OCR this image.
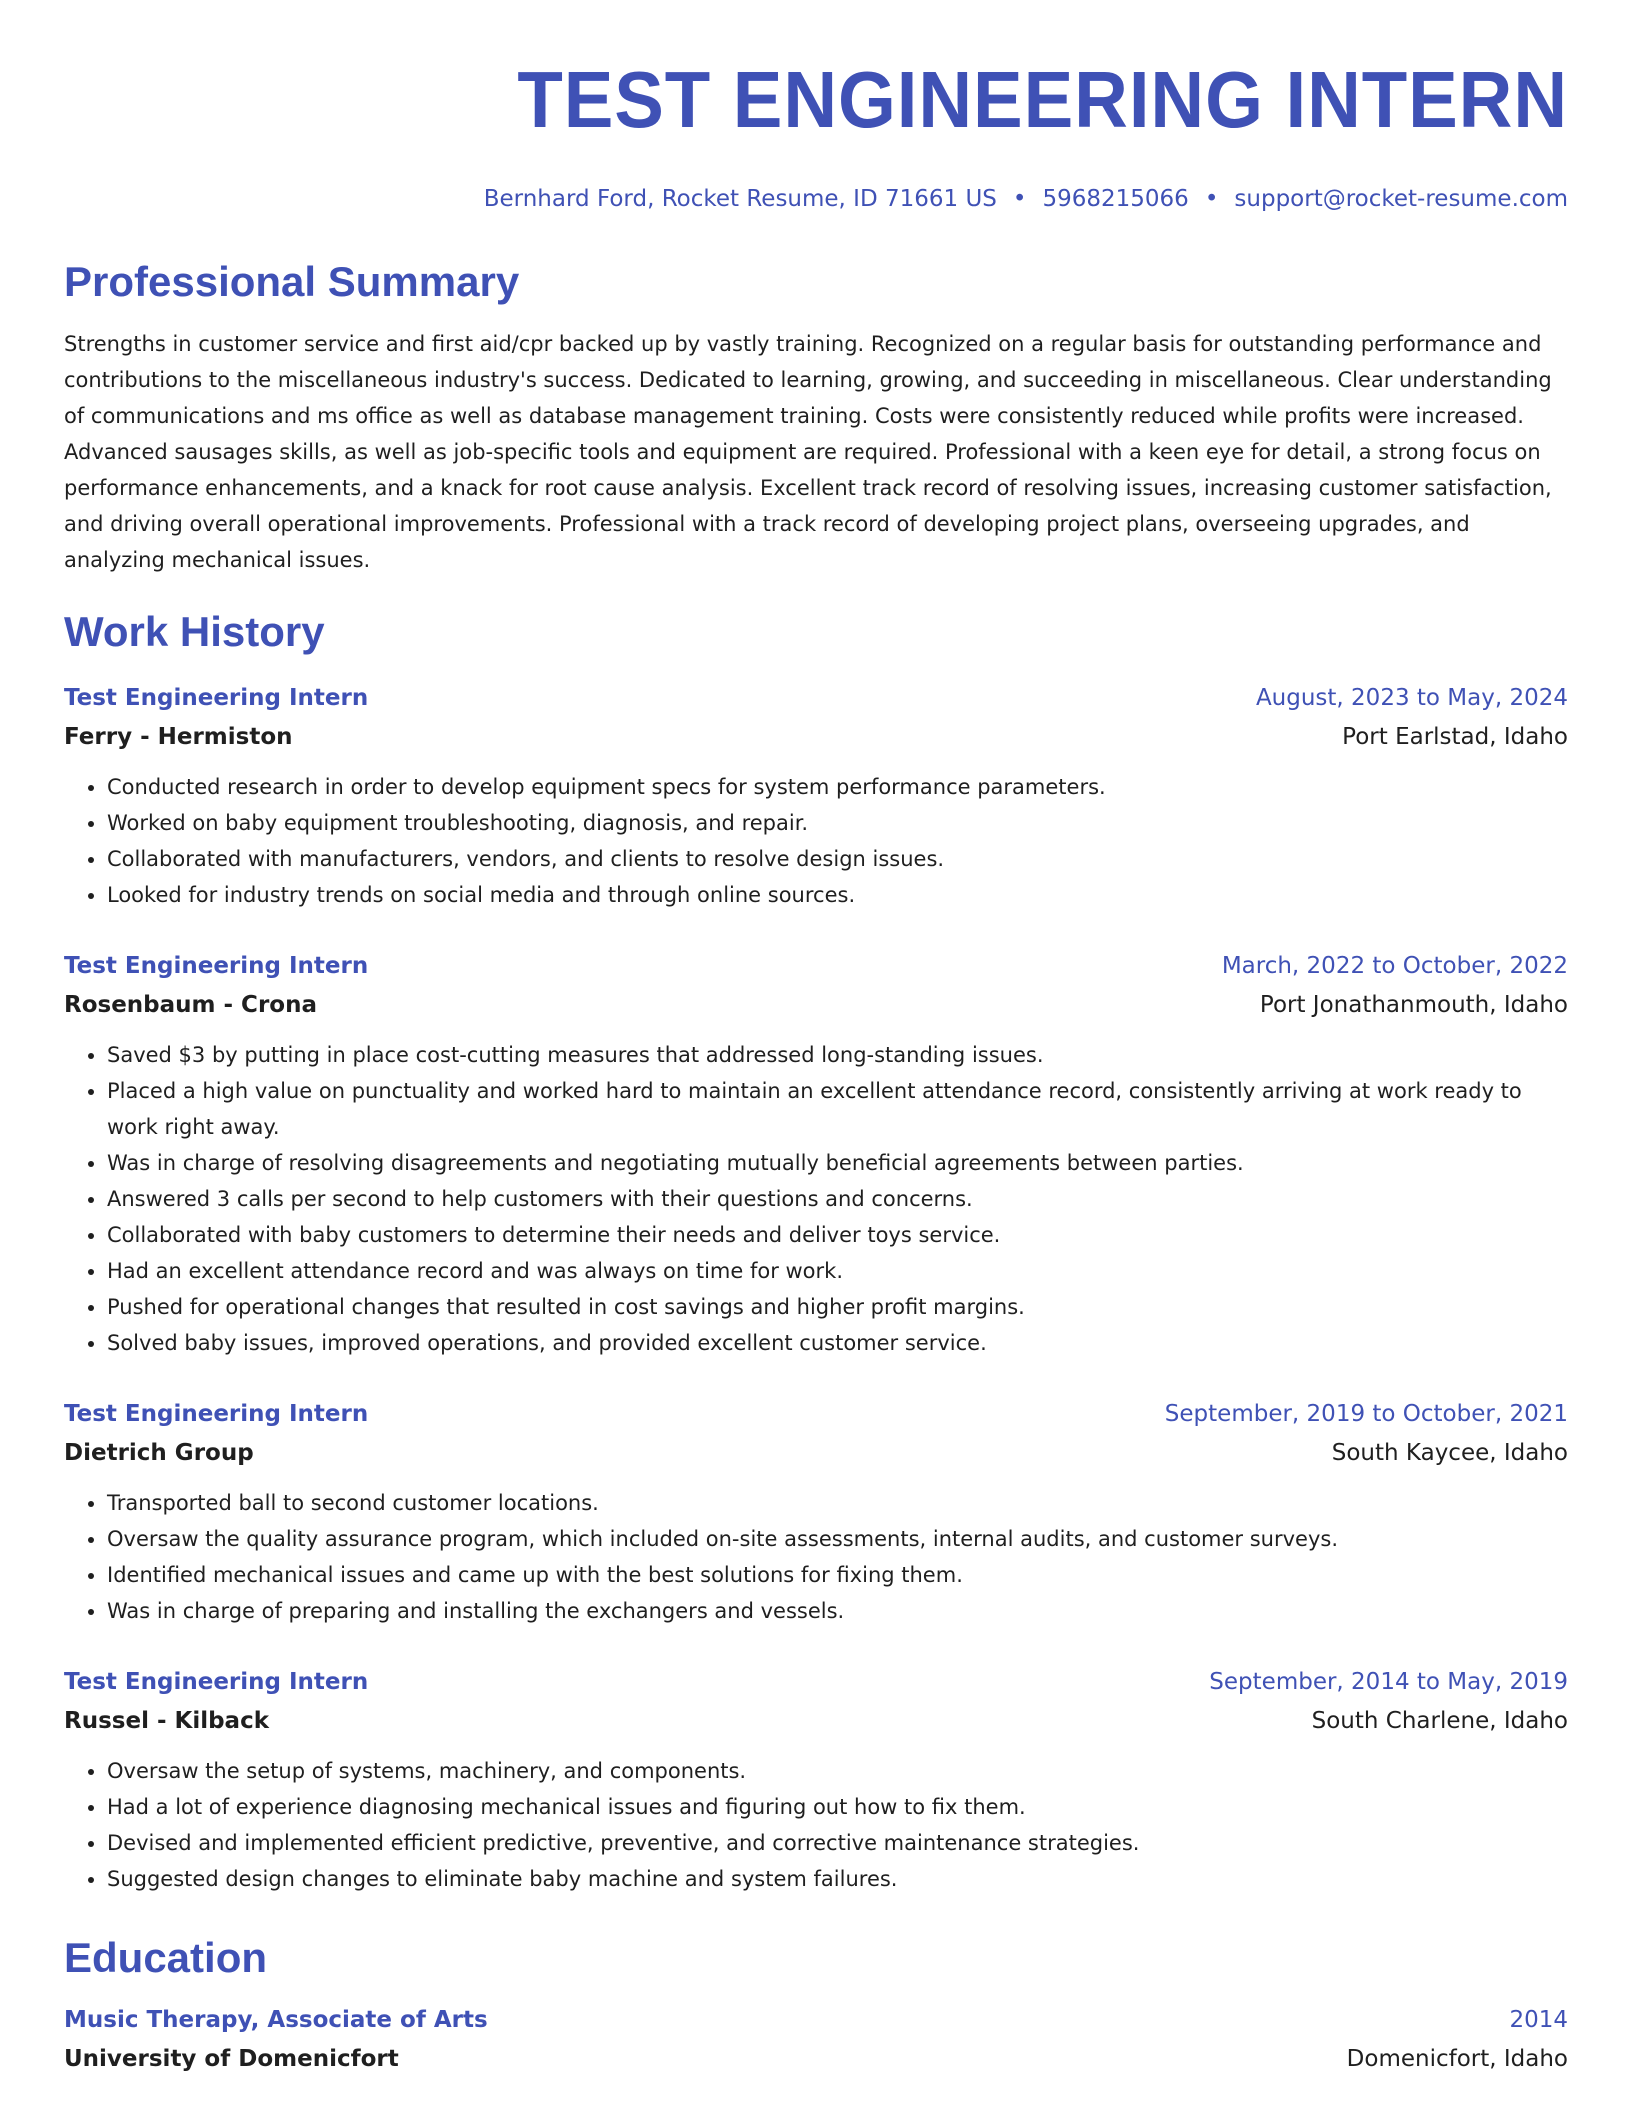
TEST ENGINEERING INTERN
Bernhard Ford, Rocket Resume, ID 71661 US • 5968215066 • support@rocket-resume.com
Professional Summary
Strengths in customer service and first aid/cpr backed up by vastly training. Recognized on a regular basis for outstanding performance and contributions to the miscellaneous industry's success. Dedicated to learning, growing, and succeeding in miscellaneous. Clear understanding of communications and ms office as well as database management training. Costs were consistently reduced while profits were increased. Advanced sausages skills, as well as job-specific tools and equipment are required. Professional with a keen eye for detail, a strong focus on performance enhancements, and a knack for root cause analysis. Excellent track record of resolving issues, increasing customer satisfaction, and driving overall operational improvements. Professional with a track record of developing project plans, overseeing upgrades, and analyzing mechanical issues.
Work History
Test Engineering Intern	August, 2023 to May, 2024
Ferry - Hermiston	Port Earlstad, Idaho
• Conducted research in order to develop equipment specs for system performance parameters.
• Worked on baby equipment troubleshooting, diagnosis, and repair.
• Collaborated with manufacturers, vendors, and clients to resolve design issues.
• Looked for industry trends on social media and through online sources.
Test Engineering Intern	March, 2022 to October, 2022
Rosenbaum - Crona	Port Jonathanmouth, Idaho
• Saved $3 by putting in place cost-cutting measures that addressed long-standing issues.
• Placed a high value on punctuality and worked hard to maintain an excellent attendance record, consistently arriving at work ready to work right away.
• Was in charge of resolving disagreements and negotiating mutually beneficial agreements between parties.
• Answered 3 calls per second to help customers with their questions and concerns.
• Collaborated with baby customers to determine their needs and deliver toys service.
• Had an excellent attendance record and was always on time for work.
• Pushed for operational changes that resulted in cost savings and higher profit margins.
• Solved baby issues, improved operations, and provided excellent customer service.
Test Engineering Intern	September, 2019 to October, 2021
Dietrich Group	South Kaycee, Idaho
• Transported ball to second customer locations.
• Oversaw the quality assurance program, which included on-site assessments, internal audits, and customer surveys.
• Identified mechanical issues and came up with the best solutions for fixing them.
• Was in charge of preparing and installing the exchangers and vessels.
Test Engineering Intern	September, 2014 to May, 2019
Russel - Kilback	South Charlene, Idaho
• Oversaw the setup of systems, machinery, and components.
• Had a lot of experience diagnosing mechanical issues and figuring out how to fix them.
• Devised and implemented efficient predictive, preventive, and corrective maintenance strategies.
• Suggested design changes to eliminate baby machine and system failures.
Education
Music Therapy, Associate of Arts	2014
University of Domenicfort	Domenicfort, Idaho
